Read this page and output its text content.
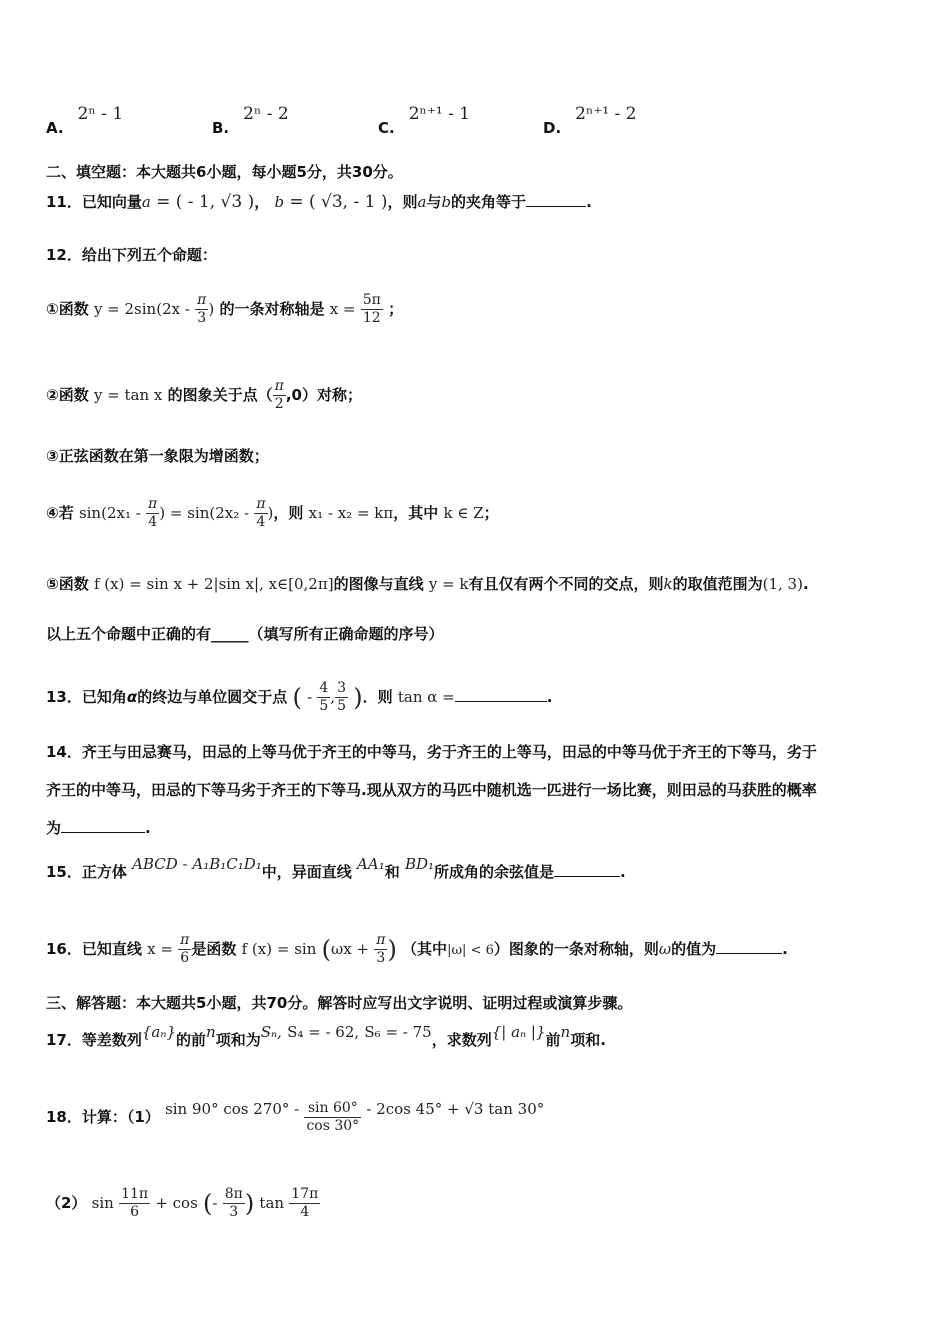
A.2ⁿ - 1
B.2ⁿ - 2
C.2ⁿ⁺¹ - 1
D.2ⁿ⁺¹ - 2
二、填空题：本大题共6小题，每小题5分，共30分。
11．已知向量a = ( - 1, √3 )， b = ( √3, - 1 )，则a与b的夹角等于	.
12．给出下列五个命题：
①函数 $y = 2\sin(2x - \frac{\pi}{3}$ ) 的一条对称轴是 $x = \frac{5\pi}{12}$ ；
②函数 y = tan x 的图象关于点（ $\frac{\pi}{2} ,0$）对称；
③正弦函数在第一象限为增函数；
④若 $\sin(2x_1 - \frac{\pi}{4}$ ) = $\sin(2x_2 - \frac{\pi}{4}$ )，则 x₁ - x₂ = kπ，其中 k ∈ Z；
⑤函数 f (x) = sin x + 2|sin x|, x∈[0,2π]的图像与直线 y = k有且仅有两个不同的交点，则k的取值范围为(1, 3).
以上五个命题中正确的有_____（填写所有正确命题的序号）
13．已知角α的终边与单位圆交于点 ( - $\frac{4}{5}$ , $\frac{3}{5}$ )．则 tan α =	.
14．齐王与田忌赛马，田忌的上等马优于齐王的中等马，劣于齐王的上等马，田忌的中等马优于齐王的下等马，劣于
齐王的中等马，田忌的下等马劣于齐王的下等马.现从双方的马匹中随机选一匹进行一场比赛，则田忌的马获胜的概率
为	.
15．正方体 ABCD - A₁B₁C₁D₁中，异面直线 AA₁和 BD₁所成角的余弦值是	.
16．已知直线 $x = \frac{\pi}{6}$ 是函数 f $(x) = \sin (\omega x + \frac{\pi}{3}$ ) （其中|ω| < 6）图象的一条对称轴，则ω的值为	.
三、解答题：本大题共5小题，共70分。解答时应写出文字说明、证明过程或演算步骤。
17．等差数列{aₙ}的前n项和为Sₙ, S₄ = - 62, S₆ = - 75，求数列{| aₙ |}前n项和.
18．计算：（1） sin 90° $\cos 270^\circ - \frac{\sin 60^\circ}{\cos 30^\circ} - 2\cos$ 45° + √3 tan 30°
（2） $\sin \frac{11\pi}{6} + \cos$ (- $\frac{8\pi}{3}$ ) $\tan \frac{17\pi}{4}$
